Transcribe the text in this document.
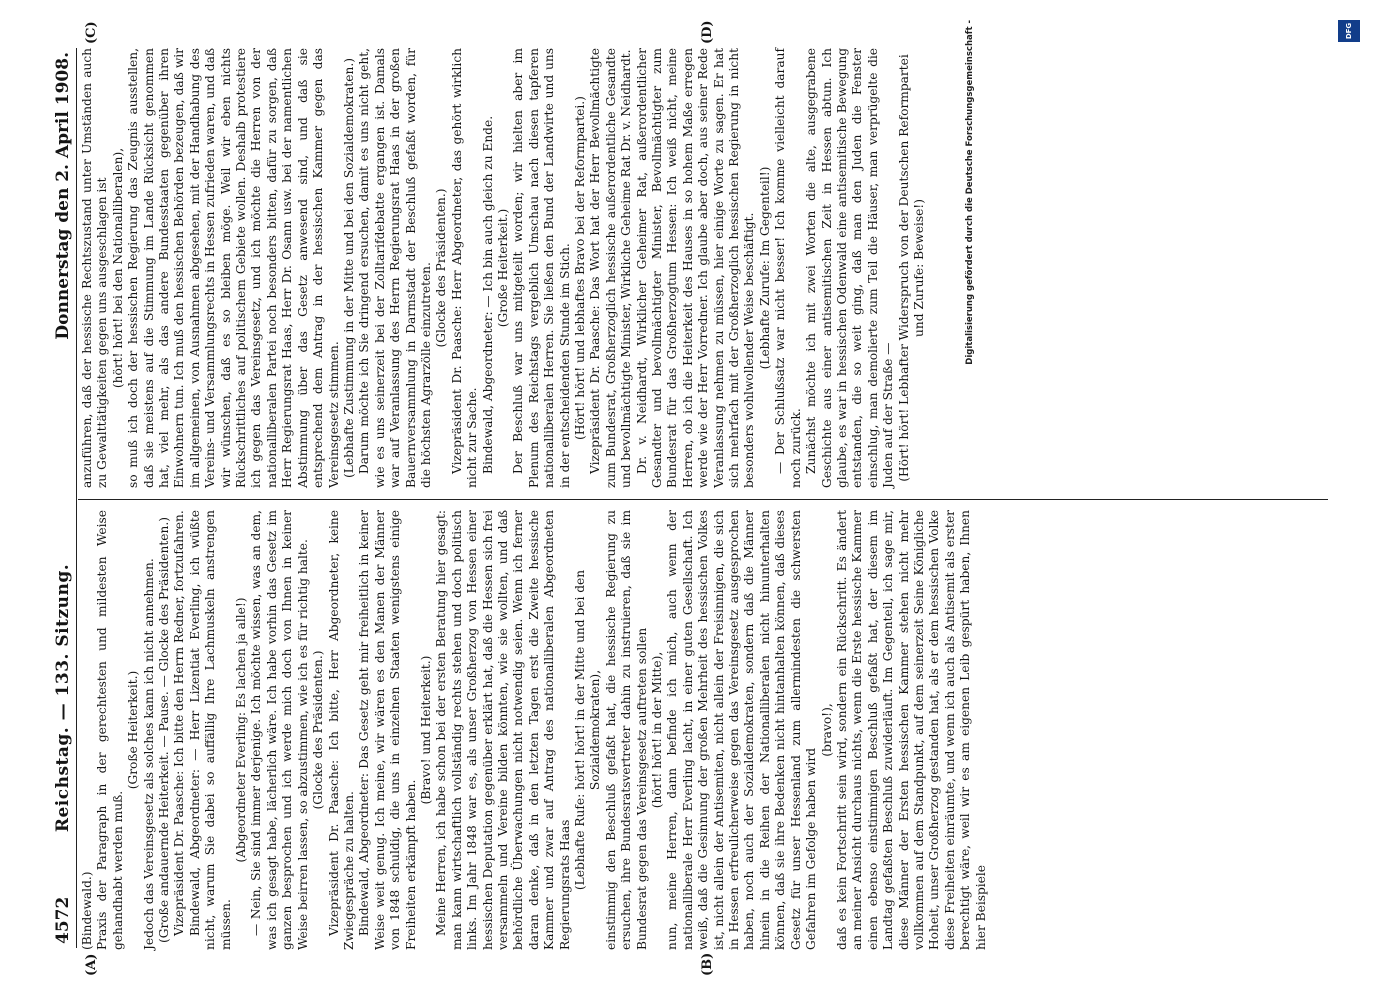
4572
Reichstag. — 133. Sitzung.
Donnerstag den 2. April 1908.
(A)	(B)
(C)	(D)

(Bindewald.) Praxis der Paragraph in der gerechtesten und mildesten Weise gehandhabt werden muß.

(Große Heiterkeit.) Jedoch das Vereinsgesetz als solches kann ich nicht annehmen. (Große andauernde Heiterkeit. — Pause. — Glocke des Präsidenten.) Vizepräsident Dr. Paasche: Ich bitte den Herrn Redner, fortzufahren. Bindewald, Abgeordneter: — Herr Lizentiat Everling, ich wüßte nicht, warum Sie dabei so auffällig Ihre Lachmuskeln anstrengen müssen.

(Abgeordneter Everling: Es lachen ja alle!) — Nein, Sie sind immer derjenige. Ich möchte wissen, was an dem, was ich gesagt habe, lächerlich wäre. Ich habe vorhin das Gesetz im ganzen besprochen und ich werde mich doch von Ihnen in keiner Weise beirren lassen, so abzustimmen, wie ich es für richtig halte. (Glocke des Präsidenten.) Vizepräsident Dr. Paasche: Ich bitte, Herr Abgeordneter, keine Zwiegespräche zu halten. Bindewald, Abgeordneter: Das Gesetz geht mir freiheitlich in keiner Weise weit genug. Ich meine, wir wären es den Manen der Männer von 1848 schuldig, die uns in einzelnen Staaten wenigstens einige Freiheiten erkämpft haben.

(Bravo! und Heiterkeit.) Meine Herren, ich habe schon bei der ersten Beratung hier gesagt: man kann wirtschaftlich vollständig rechts stehen und doch politisch links. Im Jahr 1848 war es, als unser Großherzog von Hessen einer hessischen Deputation gegenüber erklärt hat, daß die Hessen sich frei versammeln und Vereine bilden könnten, wie sie wollten, und daß behördliche Überwachungen nicht notwendig seien. Wenn ich ferner daran denke, daß in den letzten Tagen erst die Zweite hessische Kammer und zwar auf Antrag des nationalliberalen Abgeordneten Regierungsrats Haas (Lebhafte Rufe: hört! hört! in der Mitte und bei den Sozialdemokraten), einstimmig den Beschluß gefaßt hat, die hessische Regierung zu ersuchen, ihre Bundesratsvertreter dahin zu instruieren, daß sie im Bundesrat gegen das Vereinsgesetz auftreten sollen (hört! hört! in der Mitte), nun, meine Herren, dann befinde ich mich, auch wenn der nationalliberale Herr Everling lacht, in einer guten Gesellschaft. Ich weiß, daß die Gesinnung der großen Mehrheit des hessischen Volkes ist, nicht allein der Antisemiten, nicht allein der Freisinnigen, die sich in Hessen erfreulicherweise gegen das Vereinsgesetz ausgesprochen haben, noch auch der Sozialdemokraten, sondern daß die Männer hinein in die Reihen der Nationalliberalen nicht hinunterhalten können, daß sie ihre Bedenken nicht hintanhalten können, daß dieses Gesetz für unser Hessenland zum allermindesten die schwersten Gefahren im Gefolge haben wird

(bravo!), daß es kein Fortschritt sein wird, sondern ein Rückschritt. Es ändert an meiner Ansicht durchaus nichts, wenn die Erste hessische Kammer einen ebenso einstimmigen Beschluß gefaßt hat, der diesem im Landtag gefaßten Beschluß zuwiderläuft. Im Gegenteil, ich sage mir, diese Männer der Ersten hessischen Kammer stehen nicht mehr vollkommen auf dem Standpunkt, auf dem seinerzeit Seine Königliche Hoheit, unser Großherzog gestanden hat, als er dem hessischen Volke diese Freiheiten einräumte, und wenn ich auch als Antisemit als erster berechtigt wäre, weil wir es am eigenen Leib gespürt haben, Ihnen hier Beispiele

anzuführen, daß der hessische Rechtszustand unter Umständen auch zu Gewalttätigkeiten gegen uns ausgeschlagen ist (hört! hört! bei den Nationalliberalen), so muß ich doch der hessischen Regierung das Zeugnis ausstellen, daß sie meistens auf die Stimmung im Lande Rücksicht genommen hat, viel mehr, als das andere Bundesstaaten gegenüber ihren Einwohnern tun. Ich muß den hessischen Behörden bezeugen, daß wir im allgemeinen, von Ausnahmen abgesehen, mit der Handhabung des Vereins- und Versammlungsrechts in Hessen zufrieden waren, und daß wir wünschen, daß es so bleiben möge. Weil wir eben nichts Rückschrittliches auf politischem Gebiete wollen. Deshalb protestiere ich gegen das Vereinsgesetz, und ich möchte die Herren von der nationalliberalen Partei noch besonders bitten, dafür zu sorgen, daß Herr Regierungsrat Haas, Herr Dr. Osann usw. bei der namentlichen Abstimmung über das Gesetz anwesend sind, und daß sie entsprechend dem Antrag in der hessischen Kammer gegen das Vereinsgesetz stimmen. (Lebhafte Zustimmung in der Mitte und bei den Sozialdemokraten.) Darum möchte ich Sie dringend ersuchen, damit es uns nicht geht, wie es uns seinerzeit bei der Zolltarifdebatte ergangen ist. Damals war auf Veranlassung des Herrn Regierungsrat Haas in der großen Bauernversammlung in Darmstadt der Beschluß gefaßt worden, für die höchsten Agrarzölle einzutreten. (Glocke des Präsidenten.) Vizepräsident Dr. Paasche: Herr Abgeordneter, das gehört wirklich nicht zur Sache. Bindewald, Abgeordneter: — Ich bin auch gleich zu Ende. (Große Heiterkeit.) Der Beschluß war uns mitgeteilt worden; wir hielten aber im Plenum des Reichstags vergeblich Umschau nach diesen tapferen nationalliberalen Herren. Sie ließen den Bund der Landwirte und uns in der entscheidenden Stunde im Stich. (Hört! hört! und lebhaftes Bravo bei der Reformpartei.) Vizepräsident Dr. Paasche: Das Wort hat der Herr Bevollmächtigte zum Bundesrat, Großherzoglich hessische außerordentliche Gesandte und bevollmächtigte Minister, Wirkliche Geheime Rat Dr. v. Neidhardt. Dr. v. Neidhardt, Wirklicher Geheimer Rat, außerordentlicher Gesandter und bevollmächtigter Minister, Bevollmächtigter zum Bundesrat für das Großherzogtum Hessen: Ich weiß nicht, meine Herren, ob ich die Heiterkeit des Hauses in so hohem Maße erregen werde wie der Herr Vorredner. Ich glaube aber doch, aus seiner Rede Veranlassung nehmen zu müssen, hier einige Worte zu sagen. Er hat sich mehrfach mit der Großherzoglich hessischen Regierung in nicht besonders wohlwollender Weise beschäftigt. (Lebhafte Zurufe: Im Gegenteil!) — Der Schlußsatz war nicht besser! Ich komme vielleicht darauf noch zurück. Zunächst möchte ich mit zwei Worten die alte, ausgegrabene Geschichte aus einer antisemitischen Zeit in Hessen abtun. Ich glaube, es war in hessischen Odenwald eine antisemitische Bewegung entstanden, die so weit ging, daß man den Juden die Fenster einschlug, man demolierte zum Teil die Häuser, man verprügelte die Juden auf der Straße — (Hört! hört! Lebhafter Widerspruch von der Deutschen Reformpartei und Zurufe: Beweise!)	Digitalisierung gefördert durch die Deutsche Forschungsgemeinschaft -	DFG
